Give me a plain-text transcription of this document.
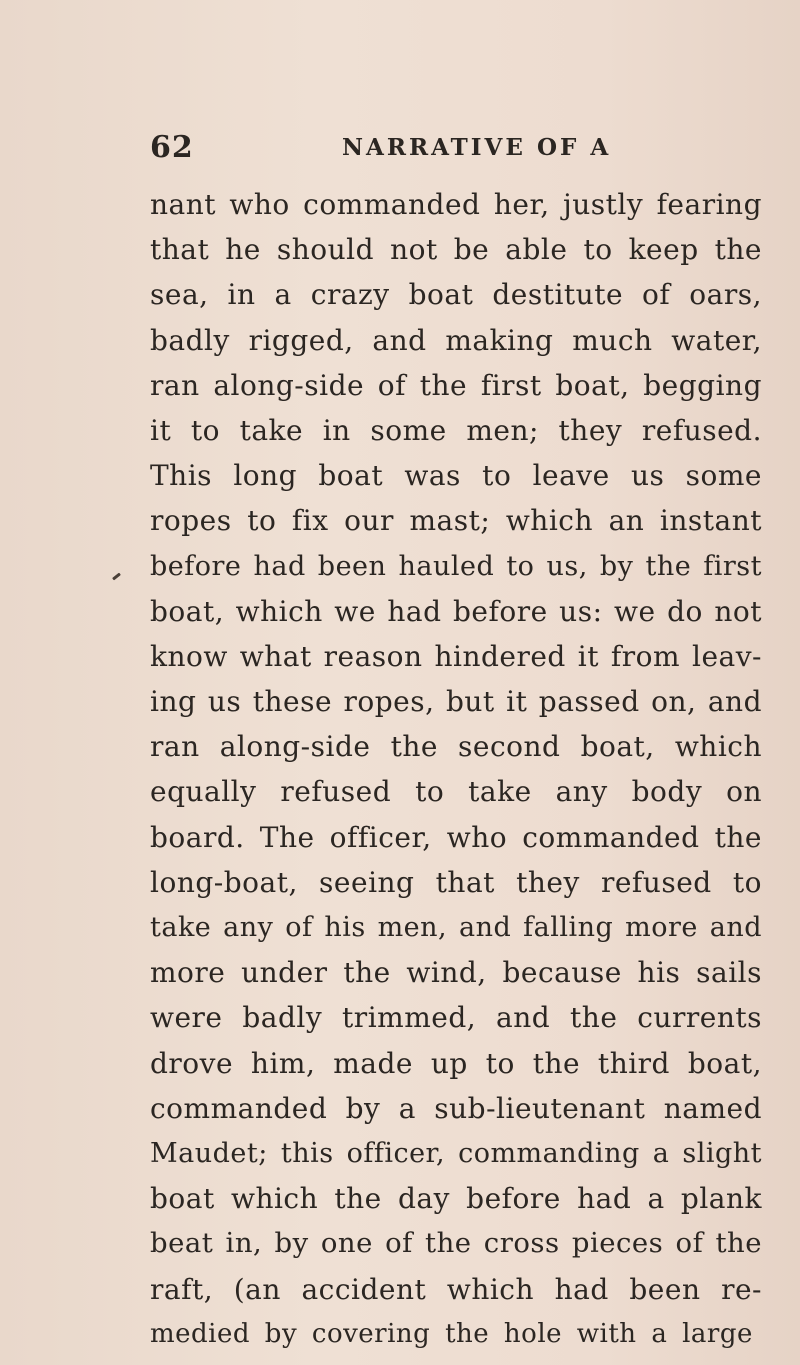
62	NARRATIVE OF A
nant who commanded her, justly fearing
that he should not be able to keep the
sea, in a crazy boat destitute of oars,
badly rigged, and making much water,
ran along-side of the first boat, begging
it to take in some men; they refused.
This long boat was to leave us some
ropes to fix our mast; which an instant
before had been hauled to us, by the first
boat, which we had before us: we do not
know what reason hindered it from leav-
ing us these ropes, but it passed on, and
ran along-side the second boat, which
equally refused to take any body on
board. The officer, who commanded the
long-boat, seeing that they refused to
take any of his men, and falling more and
more under the wind, because his sails
were badly trimmed, and the currents
drove him, made up to the third boat,
commanded by a sub-lieutenant named
Maudet; this officer, commanding a slight
boat which the day before had a plank
beat in, by one of the cross pieces of the
raft, (an accident which had been re-
medied by covering the hole with a large
